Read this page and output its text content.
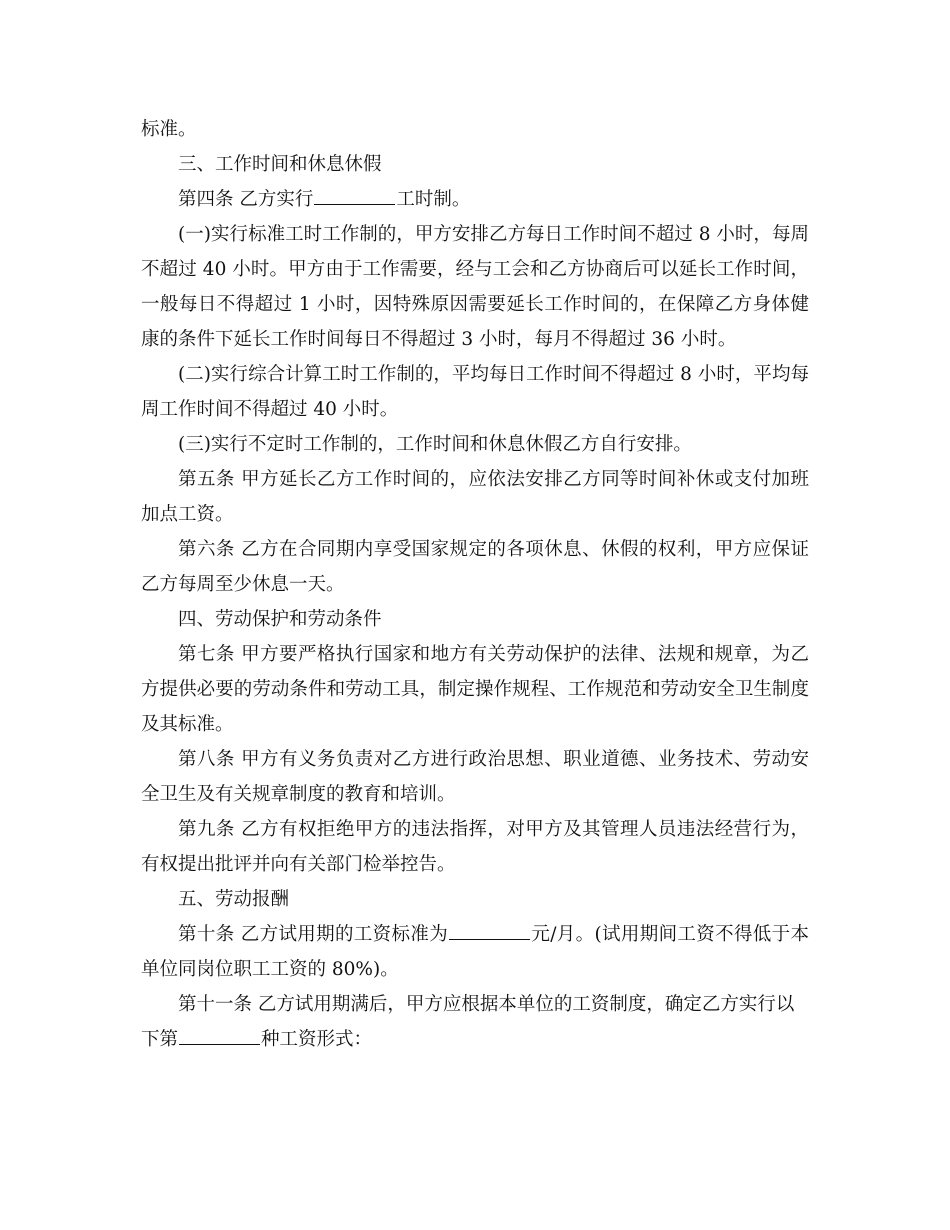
标准。

三、工作时间和休息休假

第四条 乙方实行	工时制。

(一)实行标准工时工作制的，甲方安排乙方每日工作时间不超过 8 小时，每周不超过 40 小时。甲方由于工作需要，经与工会和乙方协商后可以延长工作时间，一般每日不得超过 1 小时，因特殊原因需要延长工作时间的，在保障乙方身体健康的条件下延长工作时间每日不得超过 3 小时，每月不得超过 36 小时。

(二)实行综合计算工时工作制的，平均每日工作时间不得超过 8 小时，平均每周工作时间不得超过 40 小时。

(三)实行不定时工作制的，工作时间和休息休假乙方自行安排。

第五条 甲方延长乙方工作时间的，应依法安排乙方同等时间补休或支付加班加点工资。

第六条 乙方在合同期内享受国家规定的各项休息、休假的权利，甲方应保证乙方每周至少休息一天。

四、劳动保护和劳动条件

第七条 甲方要严格执行国家和地方有关劳动保护的法律、法规和规章，为乙方提供必要的劳动条件和劳动工具，制定操作规程、工作规范和劳动安全卫生制度及其标准。

第八条 甲方有义务负责对乙方进行政治思想、职业道德、业务技术、劳动安全卫生及有关规章制度的教育和培训。

第九条 乙方有权拒绝甲方的违法指挥，对甲方及其管理人员违法经营行为，有权提出批评并向有关部门检举控告。

五、劳动报酬

第十条 乙方试用期的工资标准为	元/月。(试用期间工资不得低于本单位同岗位职工工资的 80%)。

第十一条 乙方试用期满后，甲方应根据本单位的工资制度，确定乙方实行以

下第	种工资形式：
